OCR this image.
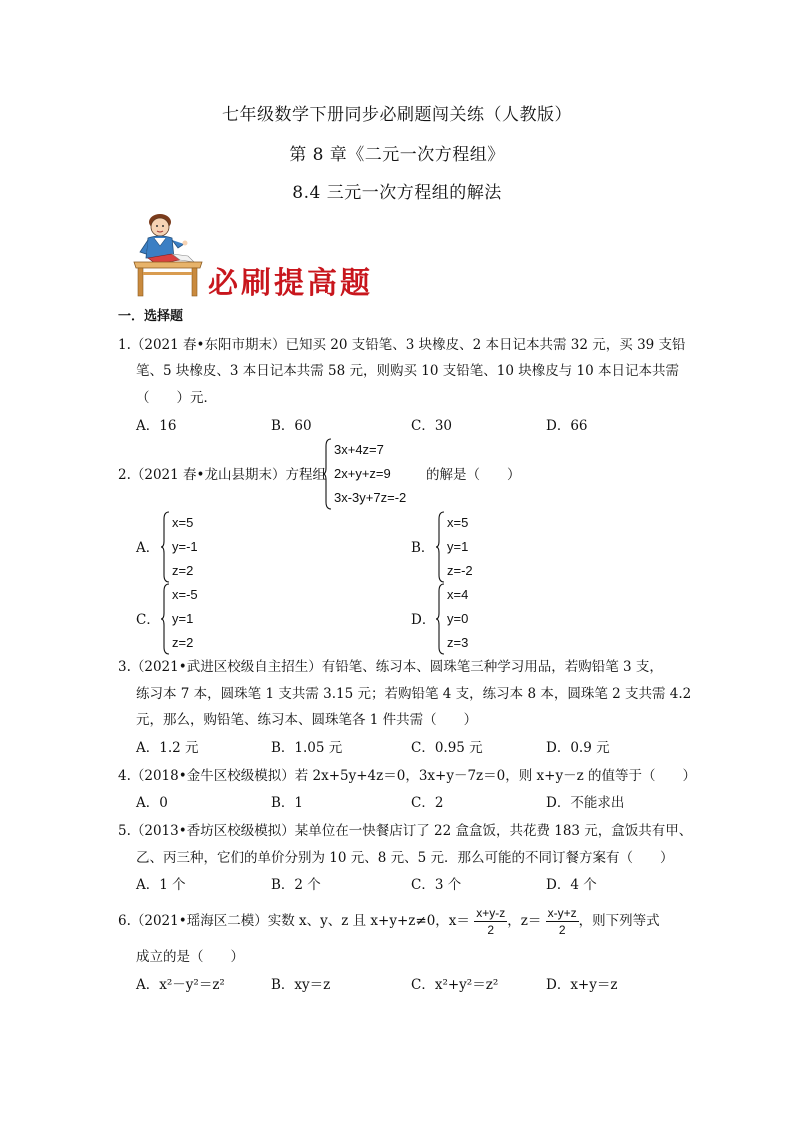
七年级数学下册同步必刷题闯关练（人教版）
第 8 章《二元一次方程组》
8.4 三元一次方程组的解法
必刷提高题
一．选择题
1.（2021 春•东阳市期末）已知买 20 支铅笔、3 块橡皮、2 本日记本共需 32 元，买 39 支铅
笔、5 块橡皮、3 本日记本共需 58 元，则购买 10 支铅笔、10 块橡皮与 10 本日记本共需
（　　）元．
A．16	B．60	C．30	D．66
2.（2021 春•龙山县期末）方程组
3x+4z=7
2x+y+z=9
3x-3y+7z=-2
的解是（　　）
A．
x=5
y=-1
z=2
B．
x=5
y=1
z=-2
C．
x=-5
y=1
z=2
D．
x=4
y=0
z=3
3.（2021•武进区校级自主招生）有铅笔、练习本、圆珠笔三种学习用品，若购铅笔 3 支，
练习本 7 本，圆珠笔 1 支共需 3.15 元；若购铅笔 4 支，练习本 8 本，圆珠笔 2 支共需 4.2
元，那么，购铅笔、练习本、圆珠笔各 1 件共需（　　）
A．1.2 元	B．1.05 元	C．0.95 元	D．0.9 元
4.（2018•金牛区校级模拟）若 2x+5y+4z＝0，3x+y－7z＝0，则 x+y－z 的值等于（　　）
A．0	B．1	C．2	D．不能求出
5.（2013•香坊区校级模拟）某单位在一快餐店订了 22 盒盒饭，共花费 183 元，盒饭共有甲、
乙、丙三种，它们的单价分别为 10 元、8 元、5 元．那么可能的不同订餐方案有（　　）
A．1 个	B．2 个	C．3 个	D．4 个
6.（2021•瑶海区二模）实数 x、y、z 且 x+y+z≠0，$x= \frac{x+y-z}{2}$ ，$z= \frac{x-y+z}{2}$ ，则下列等式
成立的是（　　）
A．x²－y²＝z²	B．xy＝z	C．x²+y²＝z²	D．x+y＝z
